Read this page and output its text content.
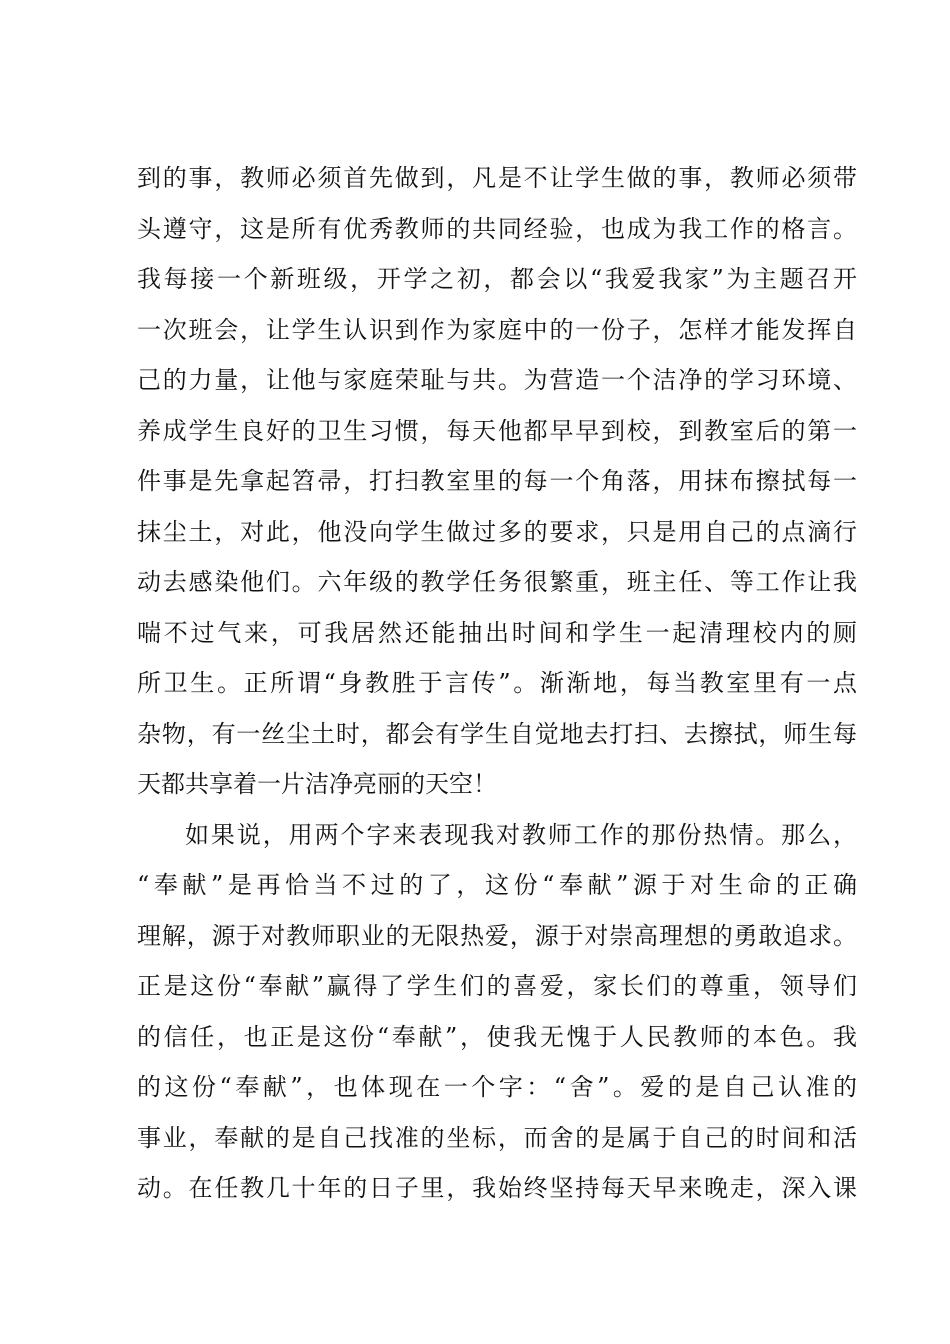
到的事，教师必须首先做到，凡是不让学生做的事，教师必须带
头遵守，这是所有优秀教师的共同经验，也成为我工作的格言。
我每接一个新班级，开学之初，都会以“我爱我家”为主题召开
一次班会，让学生认识到作为家庭中的一份子，怎样才能发挥自
己的力量，让他与家庭荣耻与共。为营造一个洁净的学习环境、
养成学生良好的卫生习惯，每天他都早早到校，到教室后的第一
件事是先拿起笤帚，打扫教室里的每一个角落，用抹布擦拭每一
抹尘土，对此，他没向学生做过多的要求，只是用自己的点滴行
动去感染他们。六年级的教学任务很繁重，班主任、等工作让我
喘不过气来，可我居然还能抽出时间和学生一起清理校内的厕
所卫生。正所谓“身教胜于言传”。渐渐地，每当教室里有一点
杂物，有一丝尘土时，都会有学生自觉地去打扫、去擦拭，师生每
天都共享着一片洁净亮丽的天空！
如果说，用两个字来表现我对教师工作的那份热情。那么，
“奉献”是再恰当不过的了，这份“奉献”源于对生命的正确
理解，源于对教师职业的无限热爱，源于对崇高理想的勇敢追求。
正是这份“奉献”赢得了学生们的喜爱，家长们的尊重，领导们
的信任，也正是这份“奉献”，使我无愧于人民教师的本色。我
的这份“奉献”，也体现在一个字：“舍”。爱的是自己认准的
事业，奉献的是自己找准的坐标，而舍的是属于自己的时间和活
动。在任教几十年的日子里，我始终坚持每天早来晚走，深入课
